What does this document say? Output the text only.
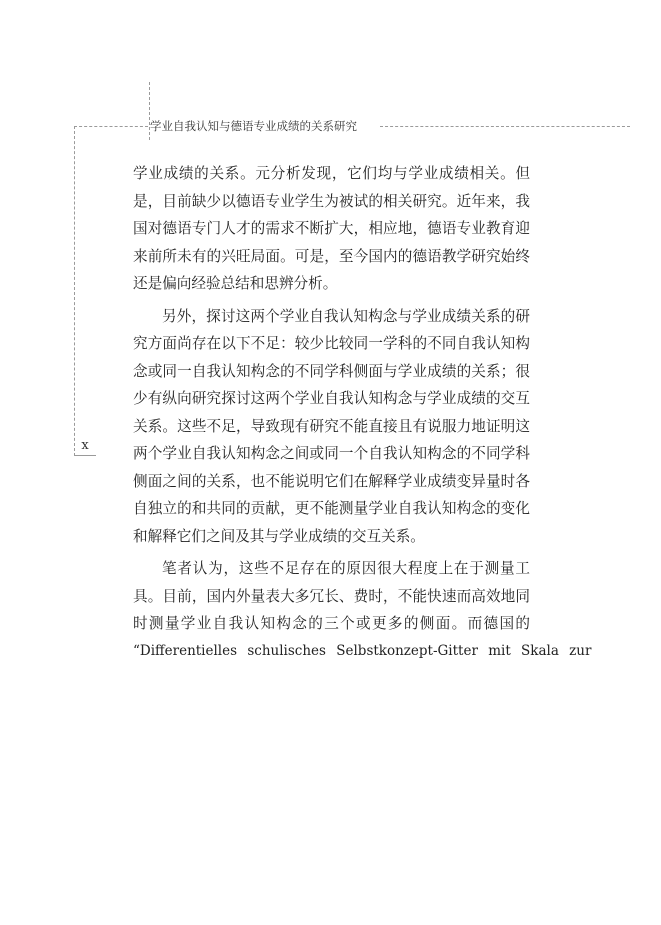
学业自我认知与德语专业成绩的关系研究
x
学业成绩的关系。元分析发现，它们均与学业成绩相关。但
是，目前缺少以德语专业学生为被试的相关研究。近年来，我
国对德语专门人才的需求不断扩大，相应地，德语专业教育迎
来前所未有的兴旺局面。可是，至今国内的德语教学研究始终
还是偏向经验总结和思辨分析。
另外，探讨这两个学业自我认知构念与学业成绩关系的研
究方面尚存在以下不足：较少比较同一学科的不同自我认知构
念或同一自我认知构念的不同学科侧面与学业成绩的关系；很
少有纵向研究探讨这两个学业自我认知构念与学业成绩的交互
关系。这些不足，导致现有研究不能直接且有说服力地证明这
两个学业自我认知构念之间或同一个自我认知构念的不同学科
侧面之间的关系，也不能说明它们在解释学业成绩变异量时各
自独立的和共同的贡献，更不能测量学业自我认知构念的变化
和解释它们之间及其与学业成绩的交互关系。
笔者认为，这些不足存在的原因很大程度上在于测量工
具。目前，国内外量表大多冗长、费时，不能快速而高效地同
时测量学业自我认知构念的三个或更多的侧面。而德国的
“Differentielles schulisches Selbstkonzept-Gitter mit Skala zur
